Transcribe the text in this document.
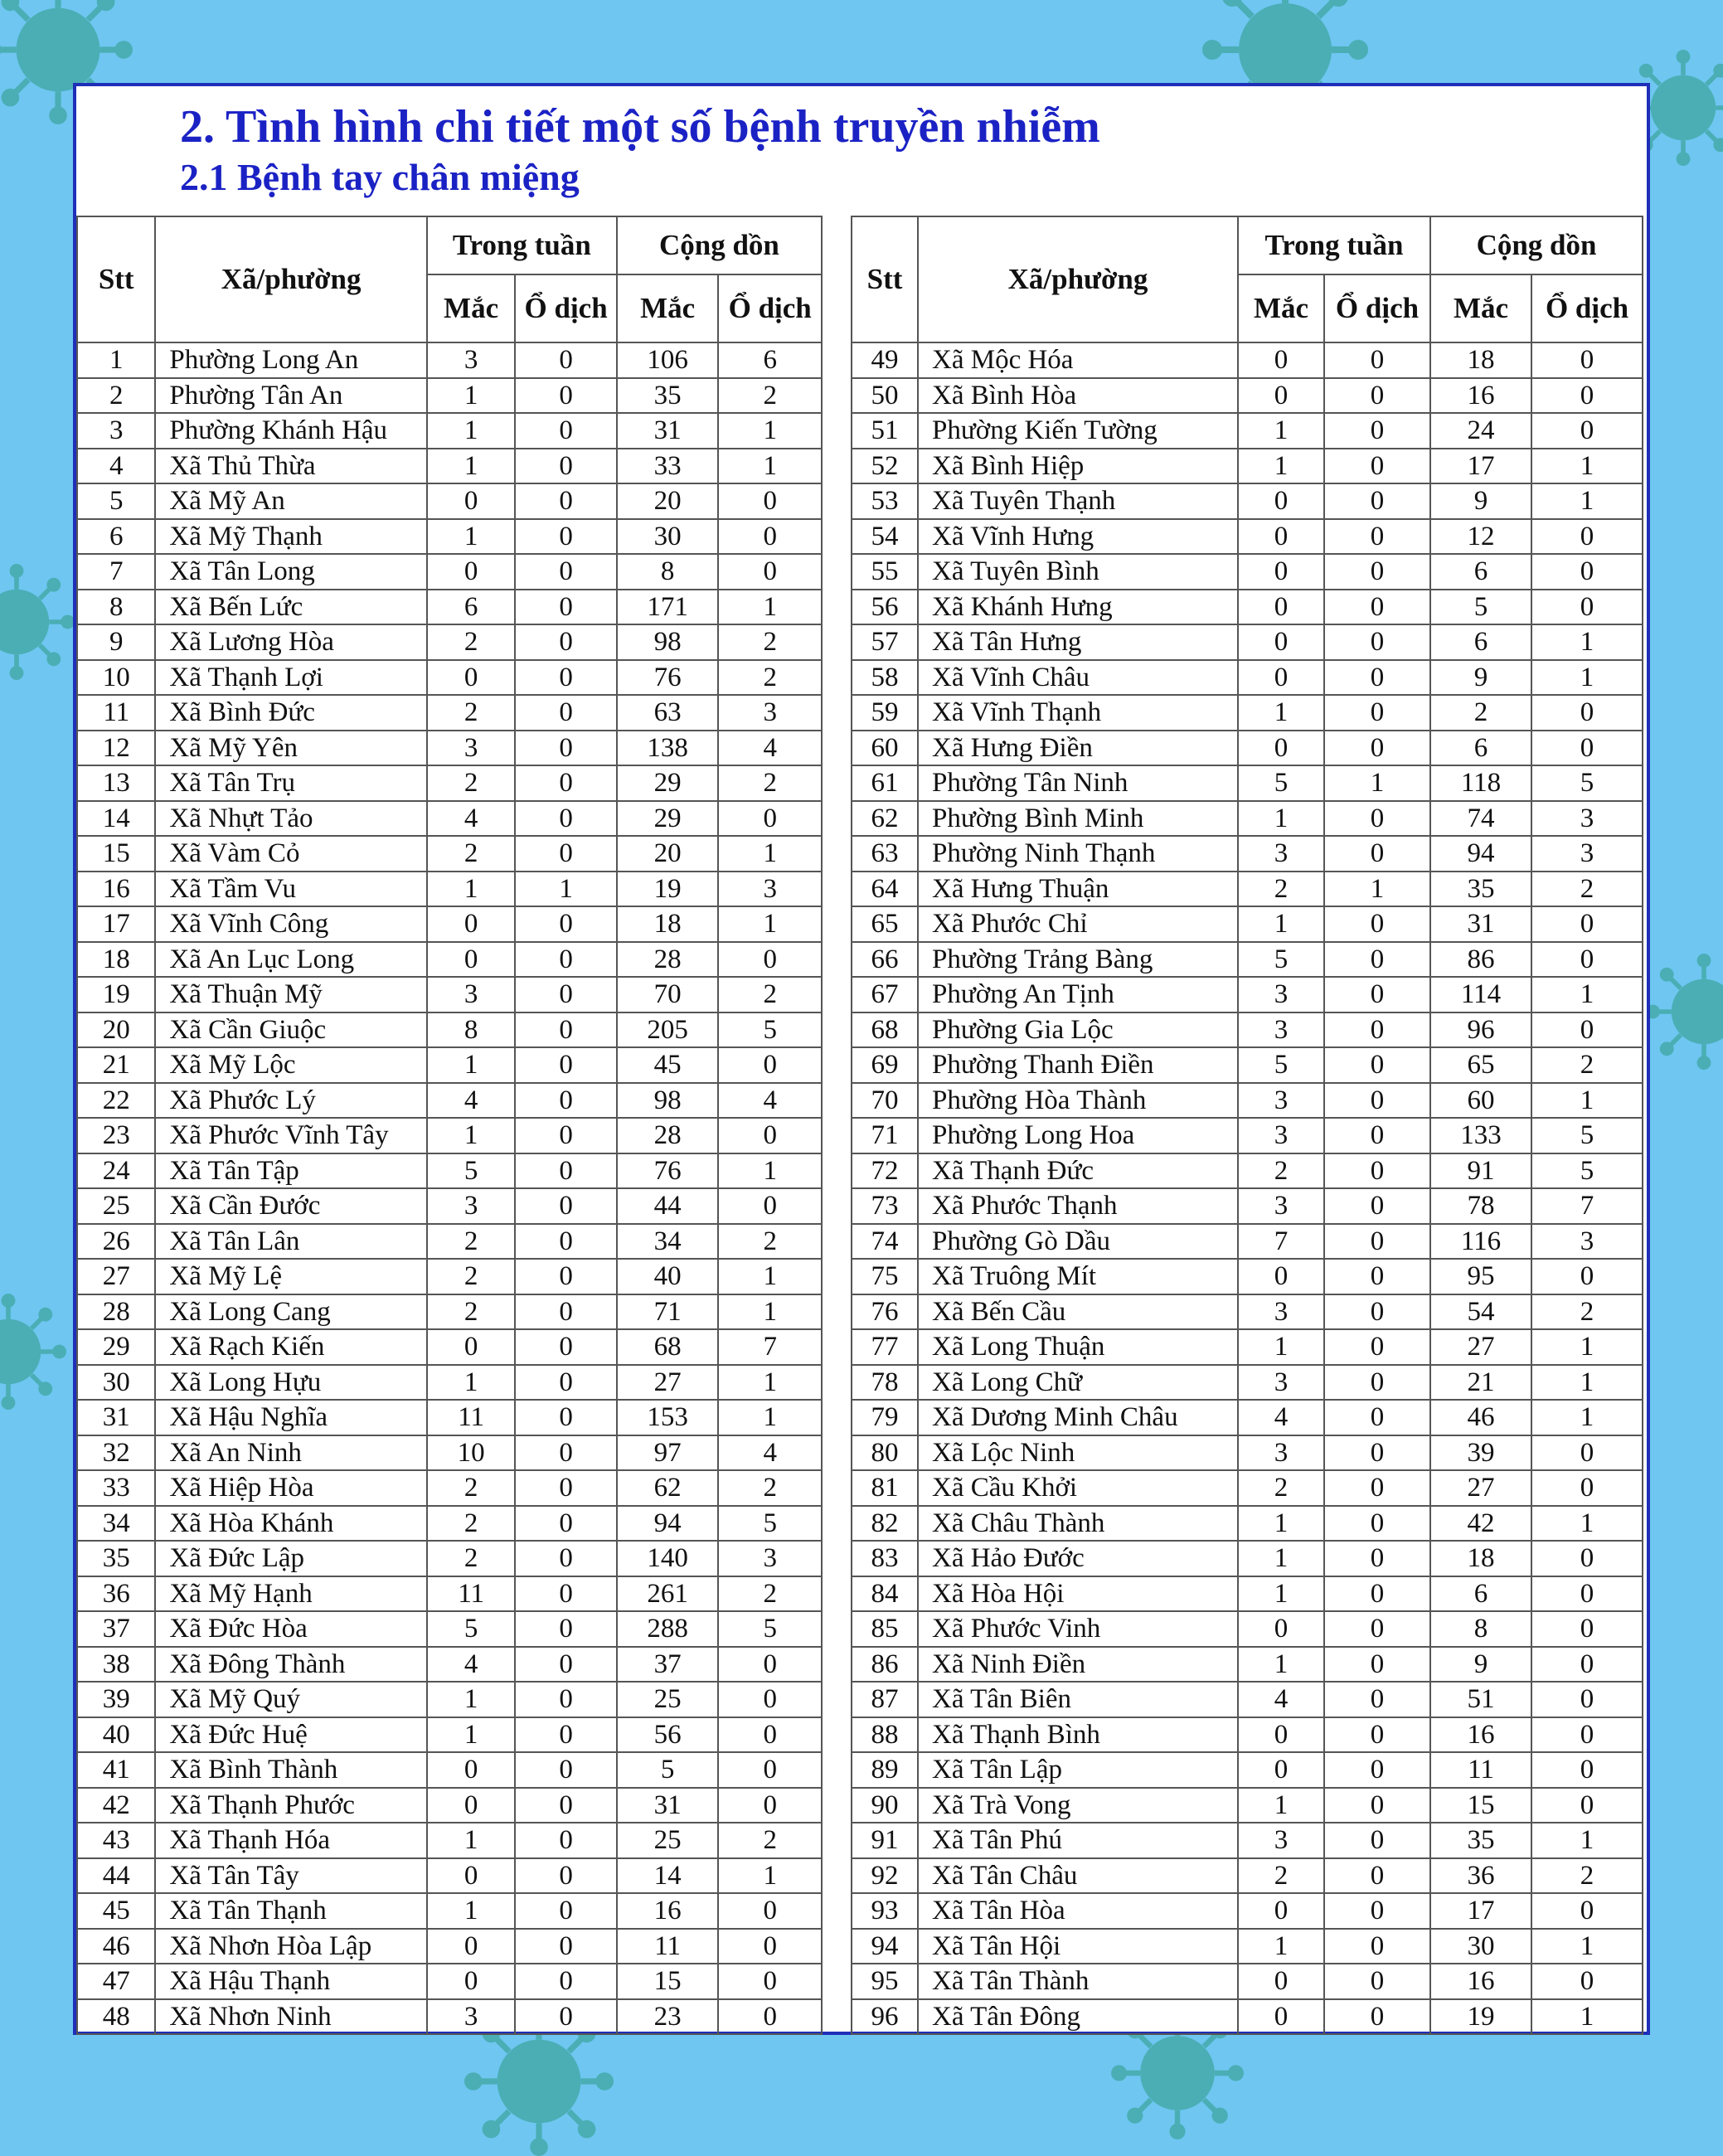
2. Tình hình chi tiết một số bệnh truyền nhiễm
2.1 Bệnh tay chân miệng
Stt	Xã/phường	Trong tuần		Cộng dồn	
		Mắc	Ổ dịch	Mắc	Ổ dịch
1	Phường Long An	3	0	106	6
2	Phường Tân An	1	0	35	2
3	Phường Khánh Hậu	1	0	31	1
4	Xã Thủ Thừa	1	0	33	1
5	Xã Mỹ An	0	0	20	0
6	Xã Mỹ Thạnh	1	0	30	0
7	Xã Tân Long	0	0	8	0
8	Xã Bến Lức	6	0	171	1
9	Xã Lương Hòa	2	0	98	2
10	Xã Thạnh Lợi	0	0	76	2
11	Xã Bình Đức	2	0	63	3
12	Xã Mỹ Yên	3	0	138	4
13	Xã Tân Trụ	2	0	29	2
14	Xã Nhựt Tảo	4	0	29	0
15	Xã Vàm Cỏ	2	0	20	1
16	Xã Tầm Vu	1	1	19	3
17	Xã Vĩnh Công	0	0	18	1
18	Xã An Lục Long	0	0	28	0
19	Xã Thuận Mỹ	3	0	70	2
20	Xã Cần Giuộc	8	0	205	5
21	Xã Mỹ Lộc	1	0	45	0
22	Xã Phước Lý	4	0	98	4
23	Xã Phước Vĩnh Tây	1	0	28	0
24	Xã Tân Tập	5	0	76	1
25	Xã Cần Đước	3	0	44	0
26	Xã Tân Lân	2	0	34	2
27	Xã Mỹ Lệ	2	0	40	1
28	Xã Long Cang	2	0	71	1
29	Xã Rạch Kiến	0	0	68	7
30	Xã Long Hựu	1	0	27	1
31	Xã Hậu Nghĩa	11	0	153	1
32	Xã An Ninh	10	0	97	4
33	Xã Hiệp Hòa	2	0	62	2
34	Xã Hòa Khánh	2	0	94	5
35	Xã Đức Lập	2	0	140	3
36	Xã Mỹ Hạnh	11	0	261	2
37	Xã Đức Hòa	5	0	288	5
38	Xã Đông Thành	4	0	37	0
39	Xã Mỹ Quý	1	0	25	0
40	Xã Đức Huệ	1	0	56	0
41	Xã Bình Thành	0	0	5	0
42	Xã Thạnh Phước	0	0	31	0
43	Xã Thạnh Hóa	1	0	25	2
44	Xã Tân Tây	0	0	14	1
45	Xã Tân Thạnh	1	0	16	0
46	Xã Nhơn Hòa Lập	0	0	11	0
47	Xã Hậu Thạnh	0	0	15	0
48	Xã Nhơn Ninh	3	0	23	0
Stt	Xã/phường	Trong tuần		Cộng dồn	
		Mắc	Ổ dịch	Mắc	Ổ dịch
49	Xã Mộc Hóa	0	0	18	0
50	Xã Bình Hòa	0	0	16	0
51	Phường Kiến Tường	1	0	24	0
52	Xã Bình Hiệp	1	0	17	1
53	Xã Tuyên Thạnh	0	0	9	1
54	Xã Vĩnh Hưng	0	0	12	0
55	Xã Tuyên Bình	0	0	6	0
56	Xã Khánh Hưng	0	0	5	0
57	Xã Tân Hưng	0	0	6	1
58	Xã Vĩnh Châu	0	0	9	1
59	Xã Vĩnh Thạnh	1	0	2	0
60	Xã Hưng Điền	0	0	6	0
61	Phường Tân Ninh	5	1	118	5
62	Phường Bình Minh	1	0	74	3
63	Phường Ninh Thạnh	3	0	94	3
64	Xã Hưng Thuận	2	1	35	2
65	Xã Phước Chỉ	1	0	31	0
66	Phường Trảng Bàng	5	0	86	0
67	Phường An Tịnh	3	0	114	1
68	Phường Gia Lộc	3	0	96	0
69	Phường Thanh Điền	5	0	65	2
70	Phường Hòa Thành	3	0	60	1
71	Phường Long Hoa	3	0	133	5
72	Xã Thạnh Đức	2	0	91	5
73	Xã Phước Thạnh	3	0	78	7
74	Phường Gò Dầu	7	0	116	3
75	Xã Truông Mít	0	0	95	0
76	Xã Bến Cầu	3	0	54	2
77	Xã Long Thuận	1	0	27	1
78	Xã Long Chữ	3	0	21	1
79	Xã Dương Minh Châu	4	0	46	1
80	Xã Lộc Ninh	3	0	39	0
81	Xã Cầu Khởi	2	0	27	0
82	Xã Châu Thành	1	0	42	1
83	Xã Hảo Đước	1	0	18	0
84	Xã Hòa Hội	1	0	6	0
85	Xã Phước Vinh	0	0	8	0
86	Xã Ninh Điền	1	0	9	0
87	Xã Tân Biên	4	0	51	0
88	Xã Thạnh Bình	0	0	16	0
89	Xã Tân Lập	0	0	11	0
90	Xã Trà Vong	1	0	15	0
91	Xã Tân Phú	3	0	35	1
92	Xã Tân Châu	2	0	36	2
93	Xã Tân Hòa	0	0	17	0
94	Xã Tân Hội	1	0	30	1
95	Xã Tân Thành	0	0	16	0
96	Xã Tân Đông	0	0	19	1
